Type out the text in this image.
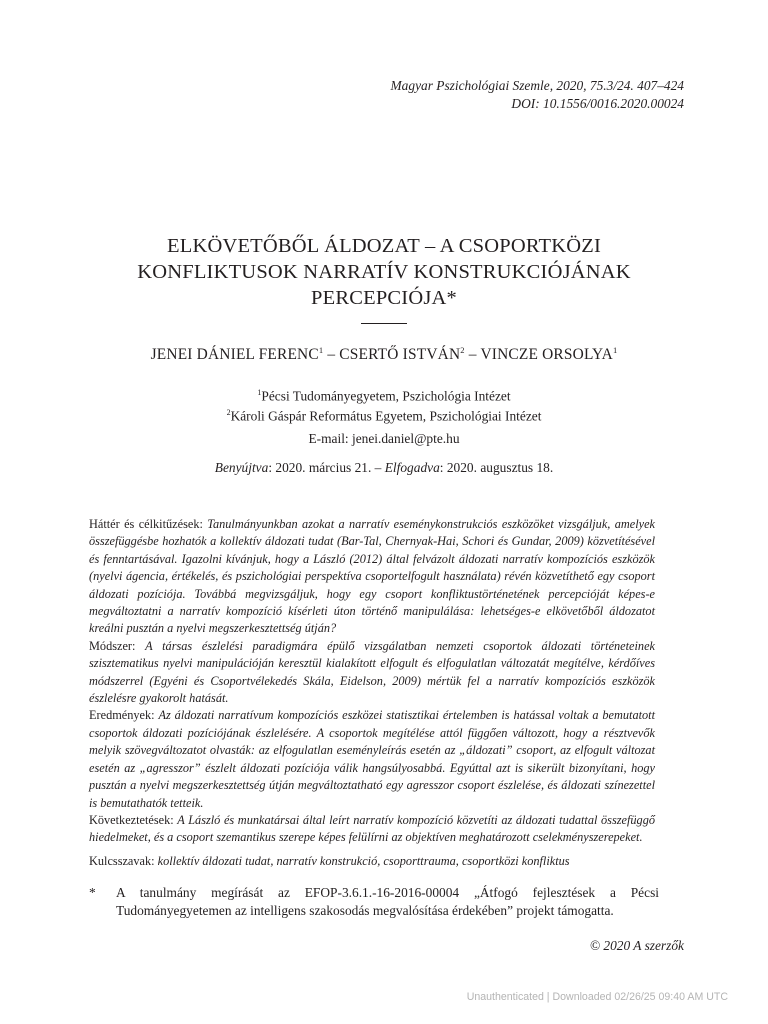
Magyar Pszichológiai Szemle, 2020, 75.3/24. 407–424
DOI: 10.1556/0016.2020.00024
ELKÖVETŐBŐL ÁLDOZAT – A CSOPORTKÖZI
KONFLIKTUSOK NARRATÍV KONSTRUKCIÓJÁNAK
PERCEPCIÓJA*
JENEI DÁNIEL FERENC$^1$ – CSERTŐ ISTVÁN$^2$ – VINCZE ORSOLYA$^1$
$^1$Pécsi Tudományegyetem, Pszichológia Intézet
$^2$Károli Gáspár Református Egyetem, Pszichológiai Intézet
E-mail: jenei.daniel@pte.hu
Benyújtva: 2020. március 21. – Elfogadva: 2020. augusztus 18.

Háttér és célkitűzések: Tanulmányunkban azokat a narratív eseménykonstrukciós eszközöket vizsgáljuk, amelyek összefüggésbe hozhatók a kollektív áldozati tudat (Bar-Tal, Chernyak-Hai, Schori és Gundar, 2009) közvetítésével és fenntartásával. Igazolni kívánjuk, hogy a László (2012) által felvázolt áldozati narratív kompozíciós eszközök (nyelvi ágencia, értékelés, és pszichológiai perspektíva csoportelfogult használata) révén közvetíthető egy csoport áldozati pozíciója. Továbbá megvizsgáljuk, hogy egy csoport konfliktustörténetének percepcióját képes-e megváltoztatni a narratív kompozíció kísérleti úton történő manipulálása: lehetséges-e elkövetőből áldozatot kreálni pusztán a nyelvi megszerkesztettség útján?

Módszer: A társas észlelési paradigmára épülő vizsgálatban nemzeti csoportok áldozati történeteinek szisztematikus nyelvi manipulációján keresztül kialakított elfogult és elfogulatlan változatát megítélve, kérdőíves módszerrel (Egyéni és Csoportvélekedés Skála, Eidelson, 2009) mértük fel a narratív kompozíciós eszközök észlelésre gyakorolt hatását.

Eredmények: Az áldozati narratívum kompozíciós eszközei statisztikai értelemben is hatással voltak a bemutatott csoportok áldozati pozíciójának észlelésére. A csoportok megítélése attól függően változott, hogy a résztvevők melyik szövegváltozatot olvasták: az elfogulatlan eseményleírás esetén az „áldozati” csoport, az elfogult változat esetén az „agresszor” észlelt áldozati pozíciója válik hangsúlyosabbá. Egyúttal azt is sikerült bizonyítani, hogy pusztán a nyelvi megszerkesztettség útján megváltoztatható egy agresszor csoport észlelése, és áldozati színezettel is bemutathatók tetteik.

Következtetések: A László és munkatársai által leírt narratív kompozíció közvetíti az áldozati tudattal összefüggő hiedelmeket, és a csoport szemantikus szerepe képes felülírni az objektíven meghatározott cselekményszerepeket.

Kulcsszavak: kollektív áldozati tudat, narratív konstrukció, csoporttrauma, csoportközi konfliktus
* A tanulmány megírását az EFOP-3.6.1.-16-2016-00004 „Átfogó fejlesztések a Pécsi Tudományegyetemen az intelligens szakosodás megvalósítása érdekében” projekt támogatta.
© 2020 A szerzők
Unauthenticated | Downloaded 02/26/25 09:40 AM UTC
